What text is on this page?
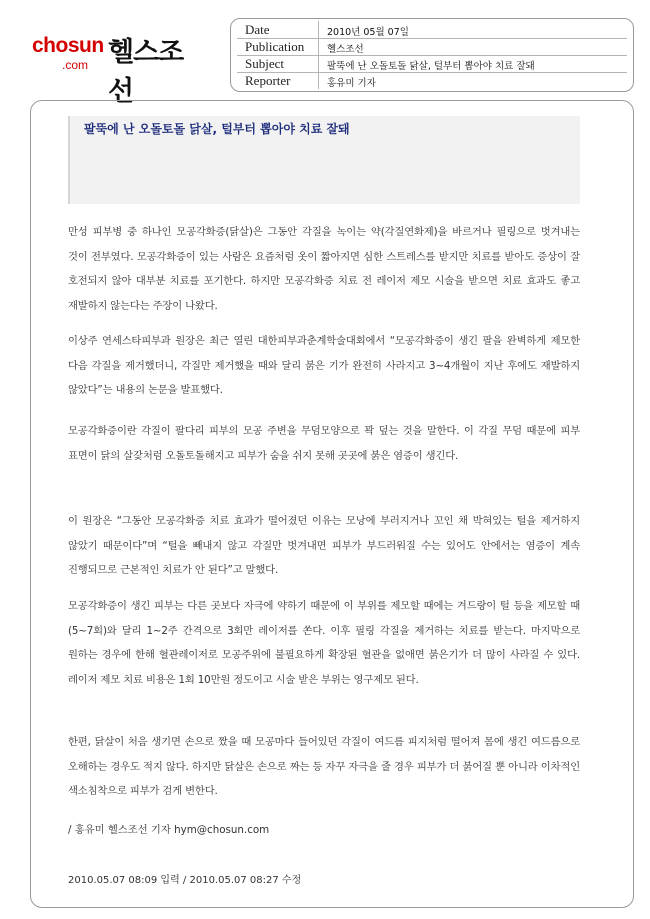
chosun
.com 헬스조선
Date	2010년 05월 07일
Publication 헬스조선
Subject	팔뚝에 난 오돌토돌 닭살, 털부터 뽑아야 치료 잘돼
Reporter	홍유미 기자
팔뚝에 난 오돌토돌 닭살, 털부터 뽑아야 치료 잘돼

만성 피부병 중 하나인 모공각화증(닭살)은 그동안 각질을 녹이는 약(각질연화제)을 바르거나 필링으로 벗겨내는 것이 전부였다. 모공각화증이 있는 사람은 요즘처럼 옷이 짧아지면 심한 스트레스를 받지만 치료를 받아도 증상이 잘 호전되지 않아 대부분 치료를 포기한다. 하지만 모공각화증 치료 전 레이저 제모 시술을 받으면 치료 효과도 좋고 재발하지 않는다는 주장이 나왔다.

이상주 연세스타피부과 원장은 최근 열린 대한피부과춘계학술대회에서 “모공각화증이 생긴 팔을 완벽하게 제모한 다음 각질을 제거했더니, 각질만 제거했을 때와 달리 붉은 기가 완전히 사라지고 3~4개월이 지난 후에도 재발하지 않았다”는 내용의 논문을 발표했다.

모공각화증이란 각질이 팔다리 피부의 모공 주변을 무덤모양으로 꽉 덮는 것을 말한다. 이 각질 무덤 때문에 피부 표면이 닭의 살갗처럼 오돌토돌해지고 피부가 숨을 쉬지 못해 곳곳에 붉은 염증이 생긴다.

이 원장은 “그동안 모공각화증 치료 효과가 떨어졌던 이유는 모낭에 부러지거나 꼬인 채 박혀있는 털을 제거하지 않았기 때문이다”며 “털을 빼내지 않고 각질만 벗겨내면 피부가 부드러워질 수는 있어도 안에서는 염증이 계속 진행되므로 근본적인 치료가 안 된다”고 말했다.

모공각화증이 생긴 피부는 다른 곳보다 자극에 약하기 때문에 이 부위를 제모할 때에는 겨드랑이 털 등을 제모할 때(5~7회)와 달리 1~2주 간격으로 3회만 레이저를 쏜다. 이후 필링 각질을 제거하는 치료를 받는다. 마지막으로 원하는 경우에 한해 혈관레이저로 모공주위에 불필요하게 확장된 혈관을 없애면 붉은기가 더 많이 사라질 수 있다. 레이저 제모 치료 비용은 1회 10만원 정도이고 시술 받은 부위는 영구제모 된다.

한편, 닭살이 처음 생기면 손으로 짰을 때 모공마다 들어있던 각질이 여드름 피지처럼 떨어져 몸에 생긴 여드름으로 오해하는 경우도 적지 않다. 하지만 닭살은 손으로 짜는 등 자꾸 자극을 줄 경우 피부가 더 붉어질 뿐 아니라 이차적인 색소침착으로 피부가 검게 변한다.

/ 홍유미 헬스조선 기자 hym@chosun.com
2010.05.07 08:09 입력 / 2010.05.07 08:27 수정
